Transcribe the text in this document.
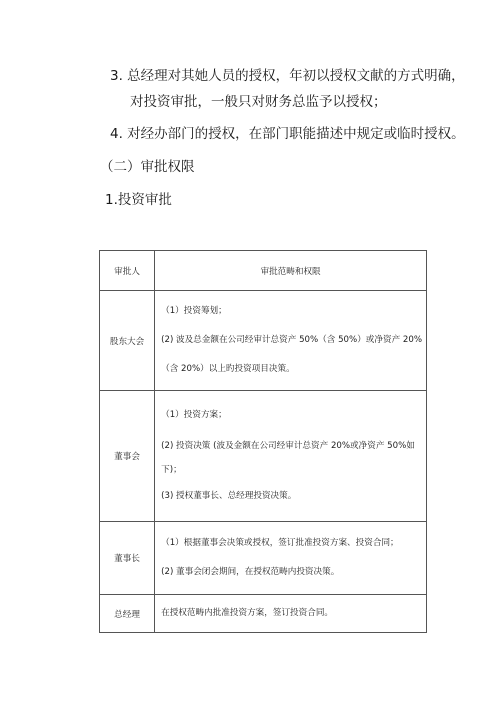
3. 总经理对其她人员的授权，年初以授权文献的方式明确，
对投资审批，一般只对财务总监予以授权；
4. 对经办部门的授权，在部门职能描述中规定或临时授权。
（二）审批权限
1.投资审批
审批人	审批范畴和权限
股东大会	（1）投资筹划；
(2) 波及总金额在公司经审计总资产 50%（含 50%）或净资产 20%
（含 20%）以上旳投资项目决策。

董事会	（1）投资方案；
(2) 投资决策 (波及金额在公司经审计总资产 20%或净资产 50%如
下)；
(3) 授权董事长、总经理投资决策。

董事长	（1）根据董事会决策或授权，签订批准投资方案、投资合同；
(2) 董事会闭会期间，在授权范畴内投资决策。

总经理	在授权范畴内批准投资方案，签订投资合同。
